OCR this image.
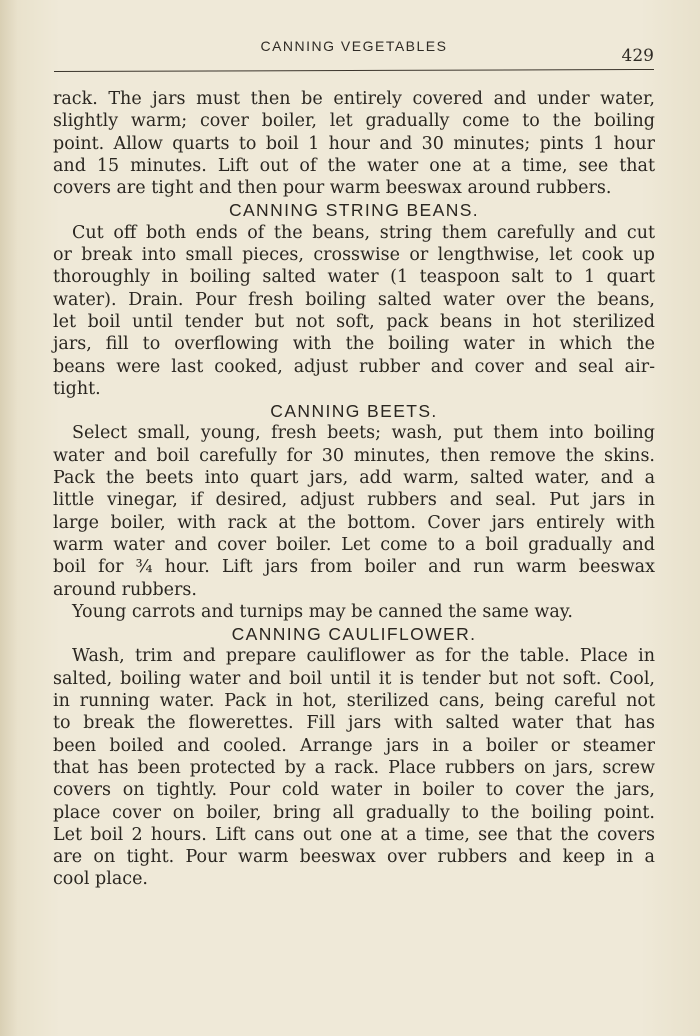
CANNING VEGETABLES	429
rack. The jars must then be entirely covered and under water,
slightly warm; cover boiler, let gradually come to the boiling
point. Allow quarts to boil 1 hour and 30 minutes; pints 1 hour
and 15 minutes. Lift out of the water one at a time, see that
covers are tight and then pour warm beeswax around rubbers.
CANNING STRING BEANS.
Cut off both ends of the beans, string them carefully and cut
or break into small pieces, crosswise or lengthwise, let cook up
thoroughly in boiling salted water (1 teaspoon salt to 1 quart
water). Drain. Pour fresh boiling salted water over the beans,
let boil until tender but not soft, pack beans in hot sterilized
jars, fill to overflowing with the boiling water in which the
beans were last cooked, adjust rubber and cover and seal air-
tight.
CANNING BEETS.
Select small, young, fresh beets; wash, put them into boiling
water and boil carefully for 30 minutes, then remove the skins.
Pack the beets into quart jars, add warm, salted water, and a
little vinegar, if desired, adjust rubbers and seal. Put jars in
large boiler, with rack at the bottom. Cover jars entirely with
warm water and cover boiler. Let come to a boil gradually and
boil for ¾ hour. Lift jars from boiler and run warm beeswax
around rubbers.
Young carrots and turnips may be canned the same way.
CANNING CAULIFLOWER.
Wash, trim and prepare cauliflower as for the table. Place in
salted, boiling water and boil until it is tender but not soft. Cool,
in running water. Pack in hot, sterilized cans, being careful not
to break the flowerettes. Fill jars with salted water that has
been boiled and cooled. Arrange jars in a boiler or steamer
that has been protected by a rack. Place rubbers on jars, screw
covers on tightly. Pour cold water in boiler to cover the jars,
place cover on boiler, bring all gradually to the boiling point.
Let boil 2 hours. Lift cans out one at a time, see that the covers
are on tight. Pour warm beeswax over rubbers and keep in a
cool place.
